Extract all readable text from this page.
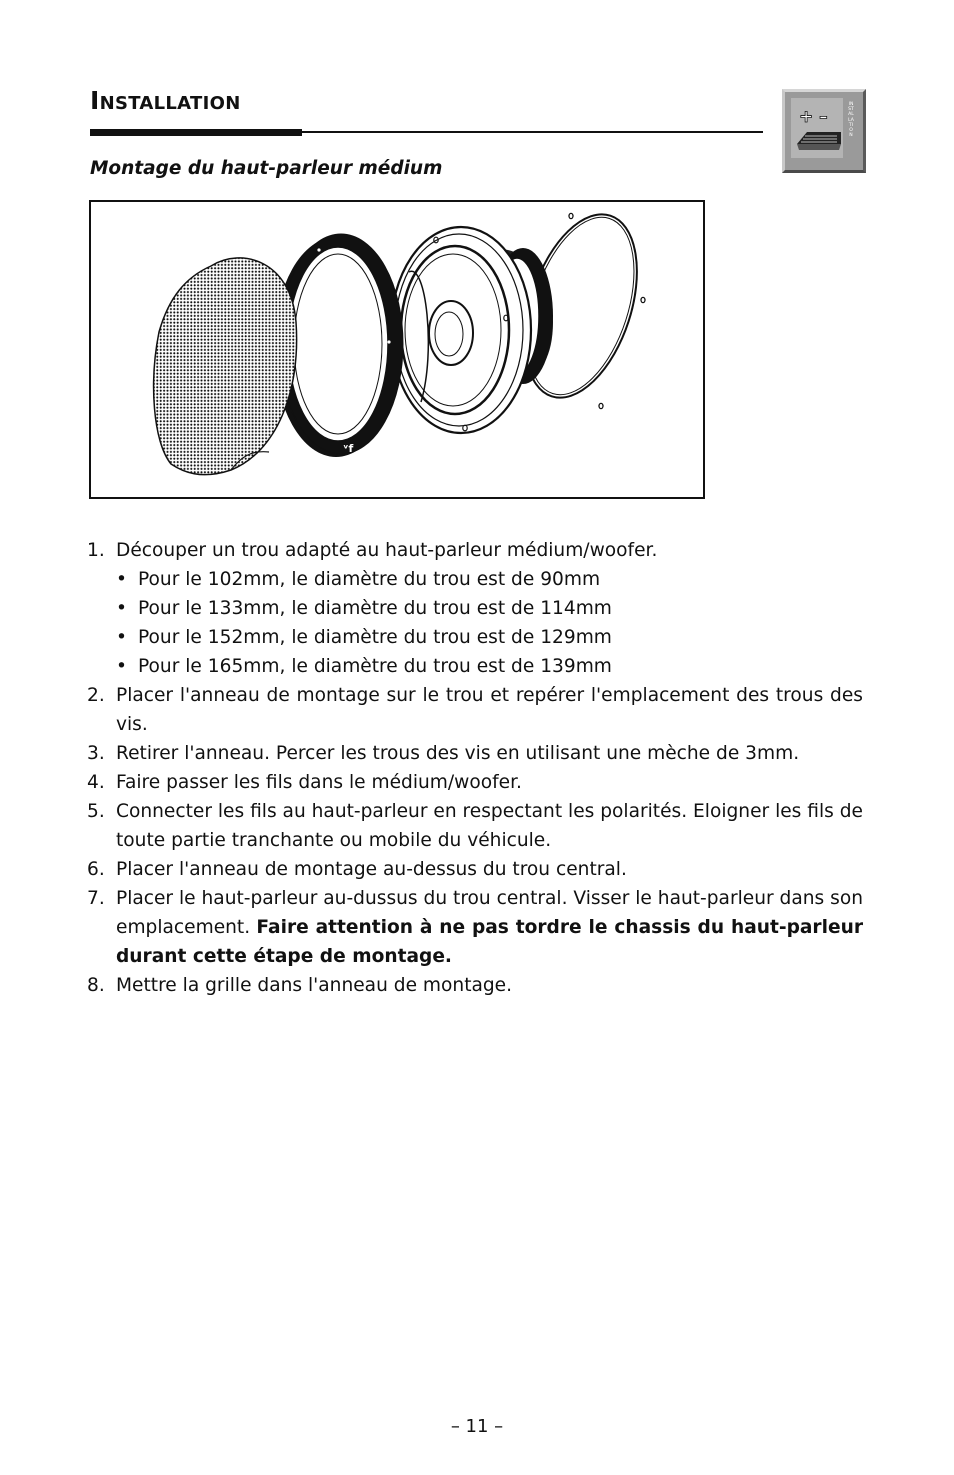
Installation
+ –
INSTALLATION
Montage du haut-parleur médium
ᵛf
1. Découper un trou adapté au haut-parleur médium/woofer.
• Pour le 102mm, le diamètre du trou est de 90mm
• Pour le 133mm, le diamètre du trou est de 114mm
• Pour le 152mm, le diamètre du trou est de 129mm
• Pour le 165mm, le diamètre du trou est de 139mm
2. Placer l'anneau de montage sur le trou et repérer l'emplacement des trous des vis.
3. Retirer l'anneau. Percer les trous des vis en utilisant une mèche de 3mm.
4. Faire passer les fils dans le médium/woofer.
5. Connecter les fils au haut-parleur en respectant les polarités. Eloigner les fils de toute partie tranchante ou mobile du véhicule.
6. Placer l'anneau de montage au-dessus du trou central.
7. Placer le haut-parleur au-dussus du trou central. Visser le haut-parleur dans son emplacement. Faire attention à ne pas tordre le chassis du haut-parleur durant cette étape de montage.
8. Mettre la grille dans l'anneau de montage.
– 11 –
